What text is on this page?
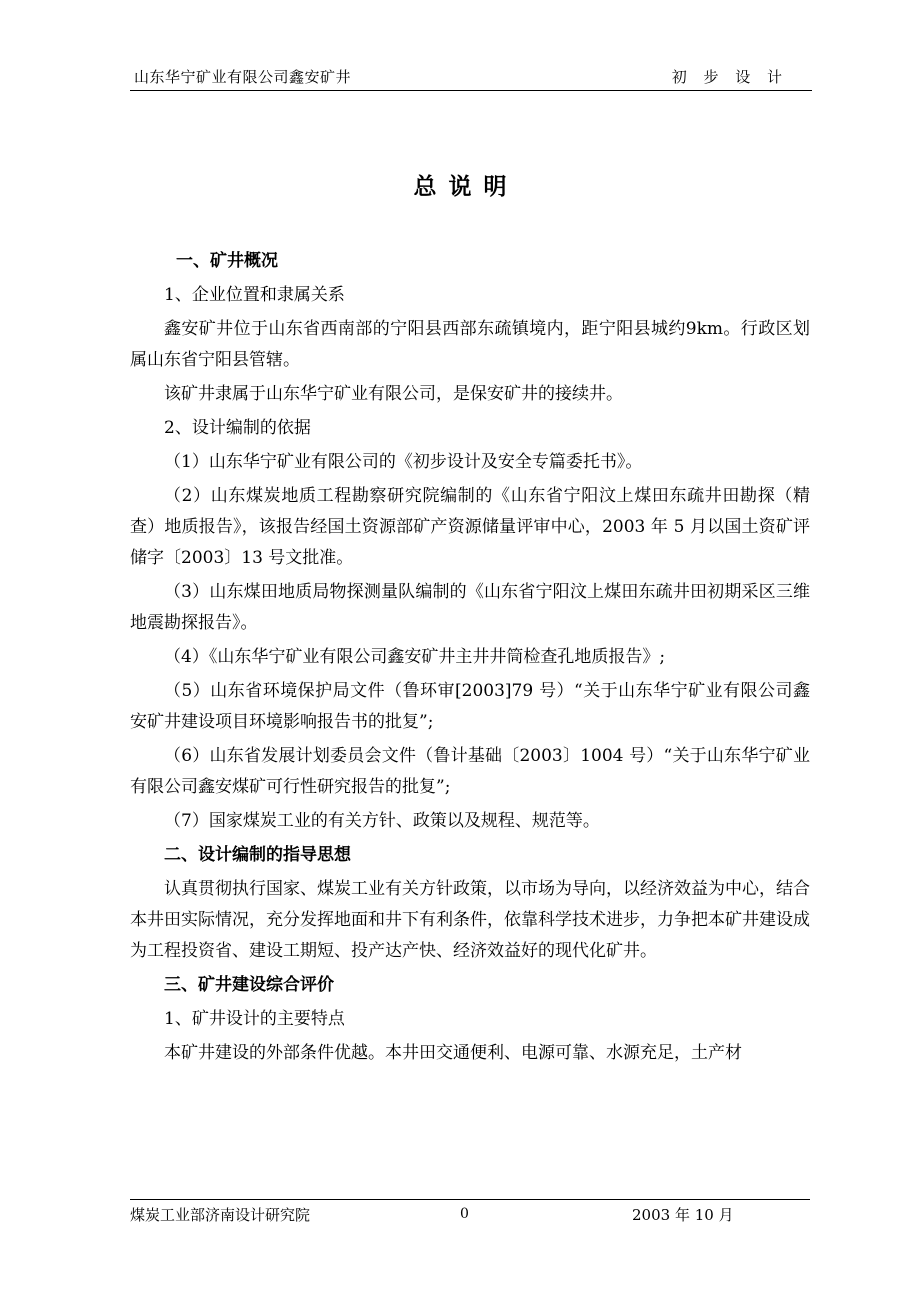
山东华宁矿业有限公司鑫安矿井	初 步 设 计
总说明

一、矿井概况

1、企业位置和隶属关系

鑫安矿井位于山东省西南部的宁阳县西部东疏镇境内，距宁阳县城约9km。行政区划属山东省宁阳县管辖。

该矿井隶属于山东华宁矿业有限公司，是保安矿井的接续井。

2、设计编制的依据

（1）山东华宁矿业有限公司的《初步设计及安全专篇委托书》。

（2）山东煤炭地质工程勘察研究院编制的《山东省宁阳汶上煤田东疏井田勘探（精查）地质报告》，该报告经国土资源部矿产资源储量评审中心，2003 年 5 月以国土资矿评储字〔2003〕13 号文批准。

（3）山东煤田地质局物探测量队编制的《山东省宁阳汶上煤田东疏井田初期采区三维地震勘探报告》。

（4）《山东华宁矿业有限公司鑫安矿井主井井筒检查孔地质报告》;

（5）山东省环境保护局文件（鲁环审[2003]79 号）“关于山东华宁矿业有限公司鑫安矿井建设项目环境影响报告书的批复”;

（6）山东省发展计划委员会文件（鲁计基础〔2003〕1004 号）“关于山东华宁矿业有限公司鑫安煤矿可行性研究报告的批复”;

（7）国家煤炭工业的有关方针、政策以及规程、规范等。

二、设计编制的指导思想

认真贯彻执行国家、煤炭工业有关方针政策，以市场为导向，以经济效益为中心，结合本井田实际情况，充分发挥地面和井下有利条件，依靠科学技术进步，力争把本矿井建设成为工程投资省、建设工期短、投产达产快、经济效益好的现代化矿井。

三、矿井建设综合评价

1、矿井设计的主要特点

本矿井建设的外部条件优越。本井田交通便利、电源可靠、水源充足，土产材

煤炭工业部济南设计研究院	0	2003 年 10 月
